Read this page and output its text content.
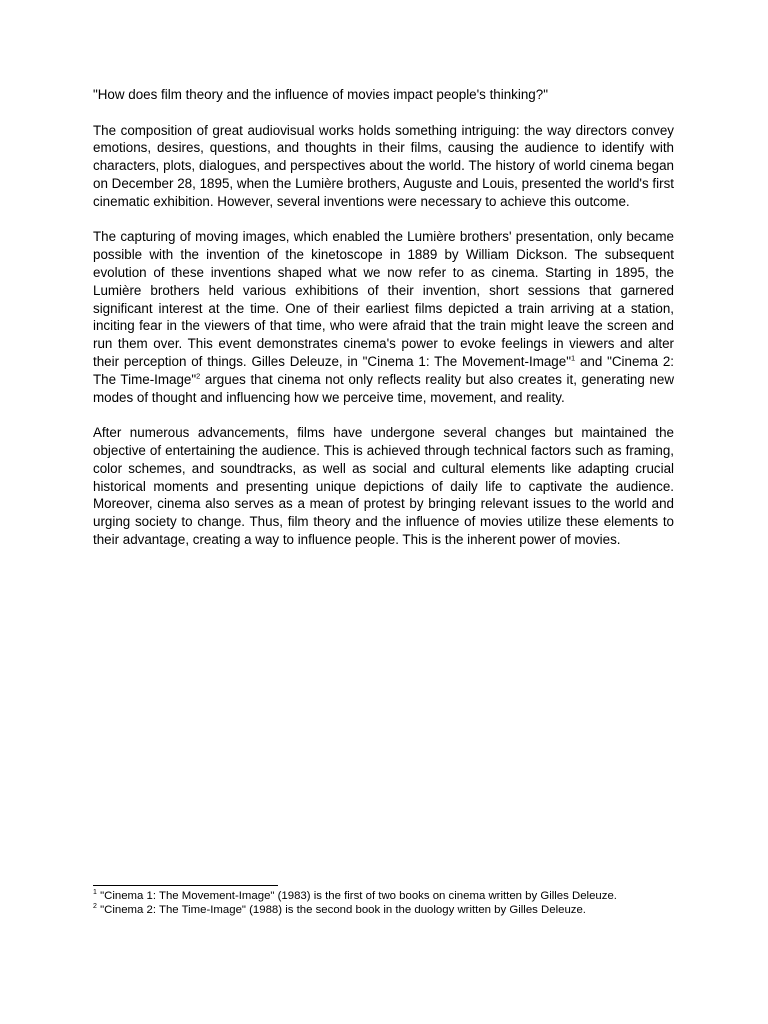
"How does film theory and the influence of movies impact people's thinking?"

The composition of great audiovisual works holds something intriguing: the way directors convey emotions, desires, questions, and thoughts in their films, causing the audience to identify with characters, plots, dialogues, and perspectives about the world. The history of world cinema began on December 28, 1895, when the Lumière brothers, Auguste and Louis, presented the world's first cinematic exhibition. However, several inventions were necessary to achieve this outcome.

The capturing of moving images, which enabled the Lumière brothers' presentation, only became possible with the invention of the kinetoscope in 1889 by William Dickson. The subsequent evolution of these inventions shaped what we now refer to as cinema. Starting in 1895, the Lumière brothers held various exhibitions of their invention, short sessions that garnered significant interest at the time. One of their earliest films depicted a train arriving at a station, inciting fear in the viewers of that time, who were afraid that the train might leave the screen and run them over. This event demonstrates cinema's power to evoke feelings in viewers and alter their perception of things. Gilles Deleuze, in "Cinema 1: The Movement-Image"$^1$ and "Cinema 2: The Time-Image"$^2$ argues that cinema not only reflects reality but also creates it, generating new modes of thought and influencing how we perceive time, movement, and reality.

After numerous advancements, films have undergone several changes but maintained the objective of entertaining the audience. This is achieved through technical factors such as framing, color schemes, and soundtracks, as well as social and cultural elements like adapting crucial historical moments and presenting unique depictions of daily life to captivate the audience. Moreover, cinema also serves as a mean of protest by bringing relevant issues to the world and urging society to change. Thus, film theory and the influence of movies utilize these elements to their advantage, creating a way to influence people. This is the inherent power of movies.

$^1$ "Cinema 1: The Movement-Image" (1983) is the first of two books on cinema written by Gilles Deleuze.

$^2$ "Cinema 2: The Time-Image" (1988) is the second book in the duology written by Gilles Deleuze.
